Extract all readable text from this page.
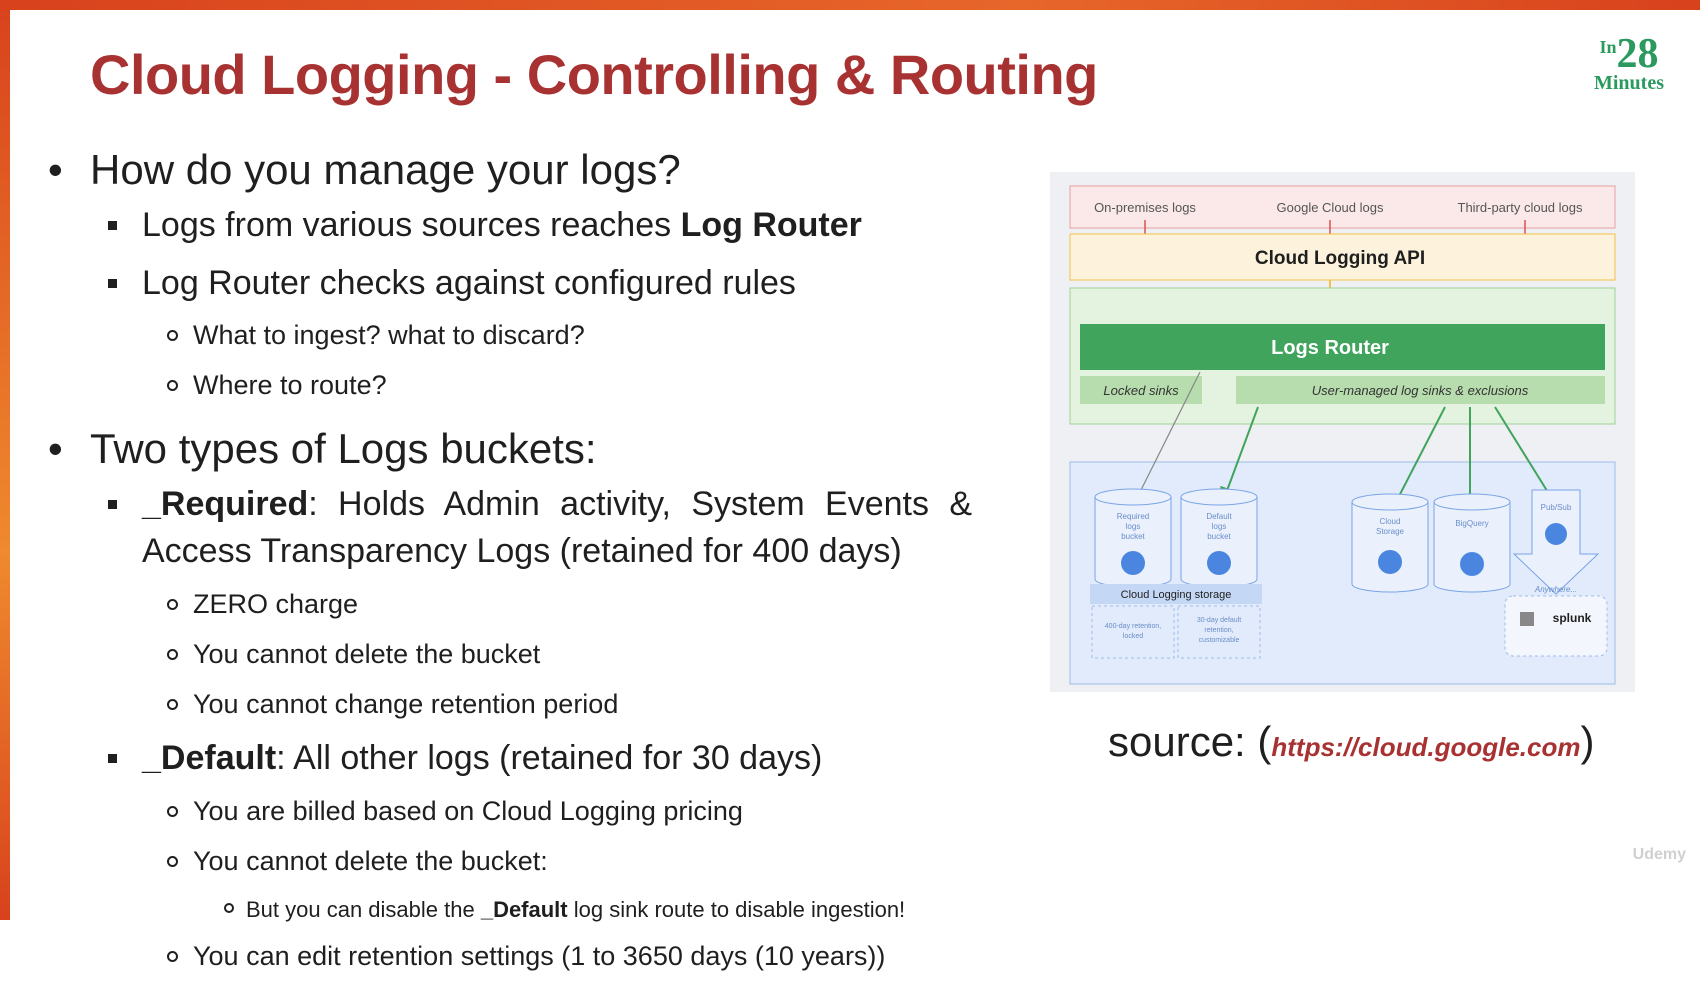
Cloud Logging - Controlling & Routing	In28
Minutes
• How do you manage your logs?
Logs from various sources reaches Log Router
Log Router checks against configured rules
What to ingest? what to discard?
Where to route?
• Two types of Logs buckets:
_Required: Holds Admin activity, System Events & Access Transparency Logs (retained for 400 days)
ZERO charge
You cannot delete the bucket
You cannot change retention period
_Default: All other logs (retained for 30 days)
You are billed based on Cloud Logging pricing
You cannot delete the bucket:
But you can disable the _Default log sink route to disable ingestion!
You can edit retention settings (1 to 3650 days (10 years))
On-premises logs	Google Cloud logs	Third-party cloud logs
Cloud Logging API
Logs Router
Locked sinks	User-managed log sinks & exclusions
Required logs bucket
Default logs bucket
Cloud Logging storage
400-day retention, locked
30-day default retention, customizable
Cloud Storage
BigQuery
Pub/Sub
Anywhere...
splunk
source: (https://cloud.google.com)
Udemy
